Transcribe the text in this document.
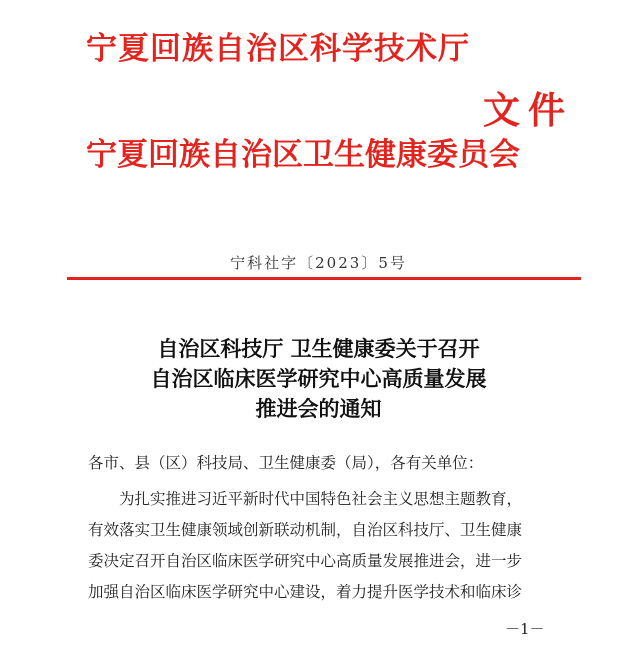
宁夏回族自治区科学技术厅
文件
宁夏回族自治区卫生健康委员会
宁科社字〔2023〕5号
自治区科技厅 卫生健康委关于召开
自治区临床医学研究中心高质量发展
推进会的通知
各市、县（区）科技局、卫生健康委（局），各有关单位：
为扎实推进习近平新时代中国特色社会主义思想主题教育，
有效落实卫生健康领域创新联动机制，自治区科技厅、卫生健康
委决定召开自治区临床医学研究中心高质量发展推进会，进一步
加强自治区临床医学研究中心建设，着力提升医学技术和临床诊
－1－
